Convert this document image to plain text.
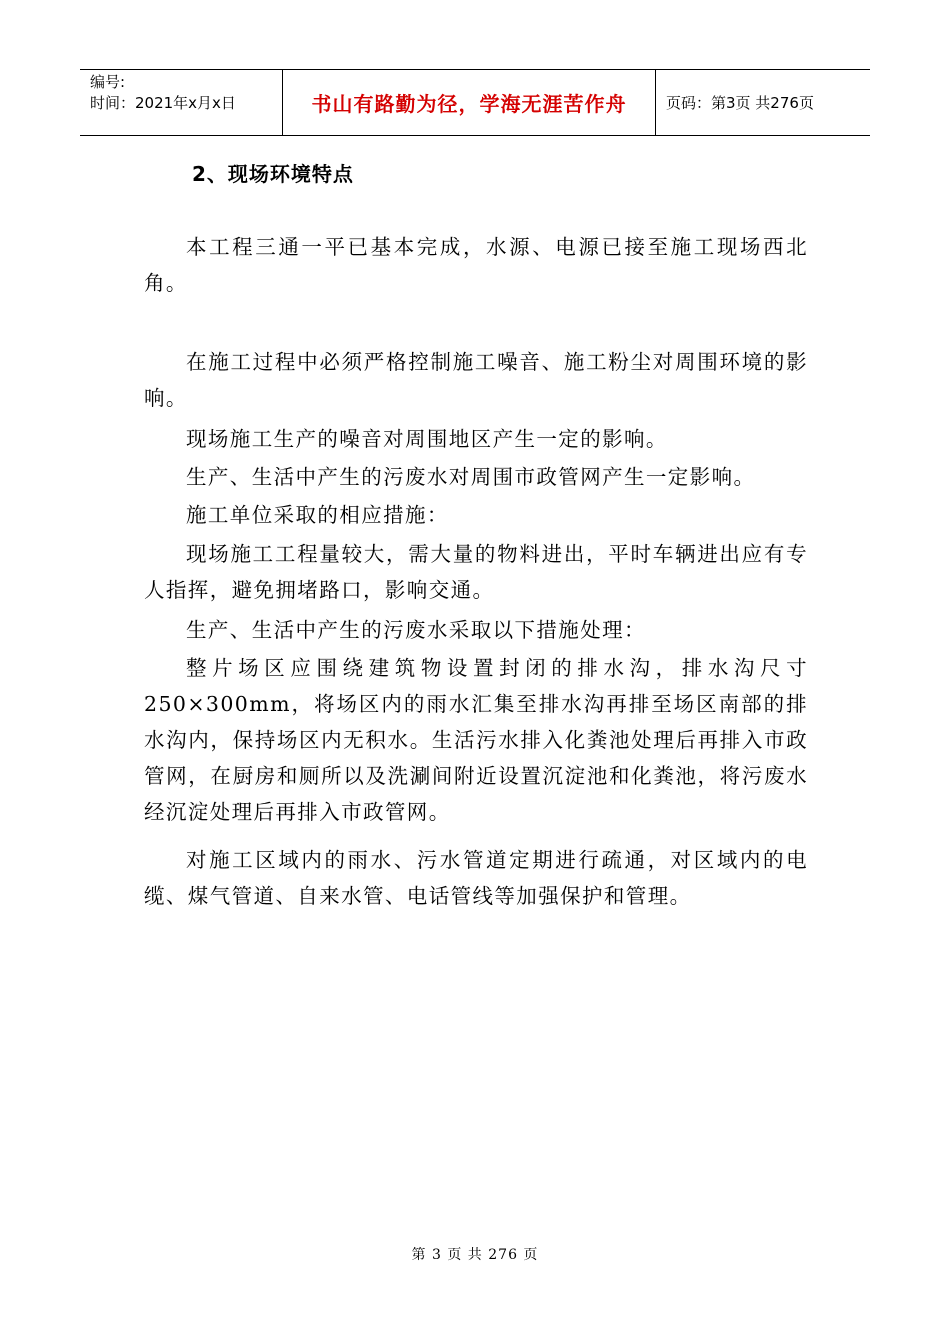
编号:
时间：2021年x月x日	书山有路勤为径，学海无涯苦作舟	页码：第3页 共276页
2、现场环境特点

本工程三通一平已基本完成，水源、电源已接至施工现场西北角。

在施工过程中必须严格控制施工噪音、施工粉尘对周围环境的影响。

现场施工生产的噪音对周围地区产生一定的影响。

生产、生活中产生的污废水对周围市政管网产生一定影响。

施工单位采取的相应措施：

现场施工工程量较大，需大量的物料进出，平时车辆进出应有专人指挥，避免拥堵路口，影响交通。

生产、生活中产生的污废水采取以下措施处理：

整片场区应围绕建筑物设置封闭的排水沟，排水沟尺寸250×300mm，将场区内的雨水汇集至排水沟再排至场区南部的排水沟内，保持场区内无积水。生活污水排入化粪池处理后再排入市政管网，在厨房和厕所以及洗涮间附近设置沉淀池和化粪池，将污废水经沉淀处理后再排入市政管网。

对施工区域内的雨水、污水管道定期进行疏通，对区域内的电缆、煤气管道、自来水管、电话管线等加强保护和管理。

第 3 页 共 276 页
